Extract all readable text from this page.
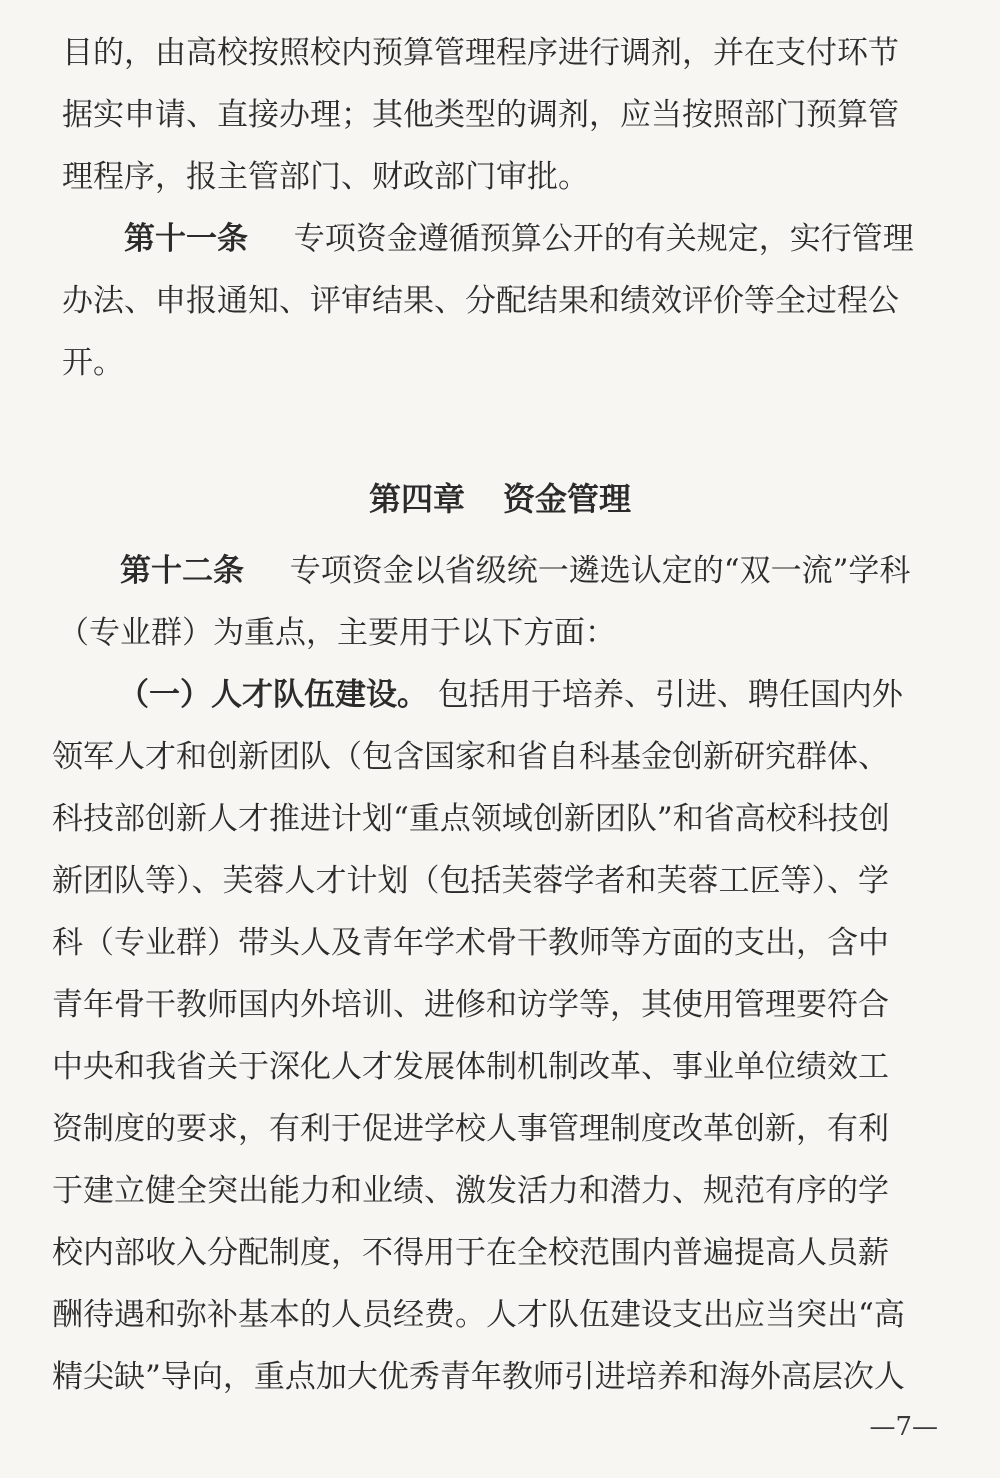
目的，由高校按照校内预算管理程序进行调剂，并在支付环节
据实申请、直接办理；其他类型的调剂，应当按照部门预算管
理程序，报主管部门、财政部门审批。
第十一条 专项资金遵循预算公开的有关规定，实行管理
办法、申报通知、评审结果、分配结果和绩效评价等全过程公
开。
第四章 资金管理
第十二条 专项资金以省级统一遴选认定的“双一流”学科
（专业群）为重点，主要用于以下方面：
（一）人才队伍建设。 包括用于培养、引进、聘任国内外
领军人才和创新团队（包含国家和省自科基金创新研究群体、
科技部创新人才推进计划“重点领域创新团队”和省高校科技创
新团队等）、芙蓉人才计划（包括芙蓉学者和芙蓉工匠等）、学
科（专业群）带头人及青年学术骨干教师等方面的支出，含中
青年骨干教师国内外培训、进修和访学等，其使用管理要符合
中央和我省关于深化人才发展体制机制改革、事业单位绩效工
资制度的要求，有利于促进学校人事管理制度改革创新，有利
于建立健全突出能力和业绩、激发活力和潜力、规范有序的学
校内部收入分配制度，不得用于在全校范围内普遍提高人员薪
酬待遇和弥补基本的人员经费。人才队伍建设支出应当突出“高
精尖缺”导向，重点加大优秀青年教师引进培养和海外高层次人
—7—
